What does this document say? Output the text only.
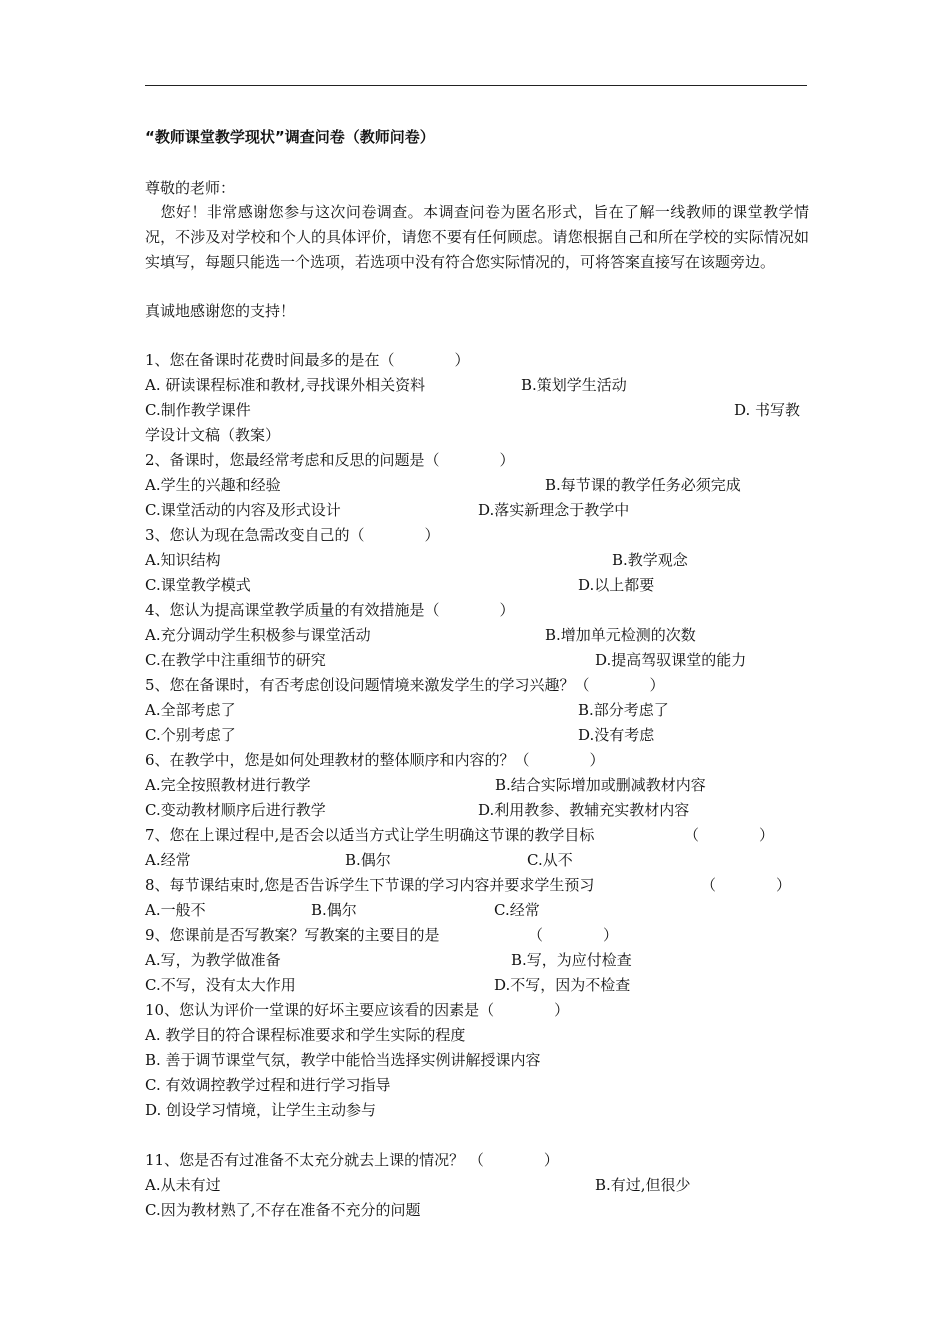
“教师课堂教学现状”调查问卷（教师问卷）
尊敬的老师：
　您好！非常感谢您参与这次问卷调查。本调查问卷为匿名形式，旨在了解一线教师的课堂教学情况，不涉及对学校和个人的具体评价，请您不要有任何顾虑。请您根据自己和所在学校的实际情况如实填写，每题只能选一个选项，若选项中没有符合您实际情况的，可将答案直接写在该题旁边。
真诚地感谢您的支持！
1、您在备课时花费时间最多的是在（　　　　）
A. 研读课程标准和教材,寻找课外相关资料	B.策划学生活动
C.制作教学课件	D. 书写教
学设计文稿（教案）
2、备课时，您最经常考虑和反思的问题是（　　　　）
A.学生的兴趣和经验	B.每节课的教学任务必须完成
C.课堂活动的内容及形式设计	D.落实新理念于教学中
3、您认为现在急需改变自己的（　　　　）
A.知识结构	B.教学观念
C.课堂教学模式	D.以上都要
4、您认为提高课堂教学质量的有效措施是（　　　　）
A.充分调动学生积极参与课堂活动	B.增加单元检测的次数
C.在教学中注重细节的研究	D.提高驾驭课堂的能力
5、您在备课时，有否考虑创设问题情境来激发学生的学习兴趣？（　　　　）
A.全部考虑了	B.部分考虑了
C.个别考虑了	D.没有考虑
6、在教学中，您是如何处理教材的整体顺序和内容的？（　　　　）
A.完全按照教材进行教学	B.结合实际增加或删减教材内容
C.变动教材顺序后进行教学	D.利用教参、教辅充实教材内容
7、您在上课过程中,是否会以适当方式让学生明确这节课的教学目标	（　　　　）
A.经常	B.偶尔	C.从不
8、每节课结束时,您是否告诉学生下节课的学习内容并要求学生预习	（　　　　）
A.一般不	B.偶尔	C.经常
9、您课前是否写教案？写教案的主要目的是	（　　　　）
A.写，为教学做准备	B.写，为应付检查
C.不写，没有太大作用	D.不写，因为不检查
10、您认为评价一堂课的好坏主要应该看的因素是（　　　　）
A. 教学目的符合课程标准要求和学生实际的程度
B. 善于调节课堂气氛，教学中能恰当选择实例讲解授课内容
C. 有效调控教学过程和进行学习指导
D. 创设学习情境，让学生主动参与
11、您是否有过准备不太充分就去上课的情况？ （　　　　）
A.从未有过	B.有过,但很少
C.因为教材熟了,不存在准备不充分的问题
